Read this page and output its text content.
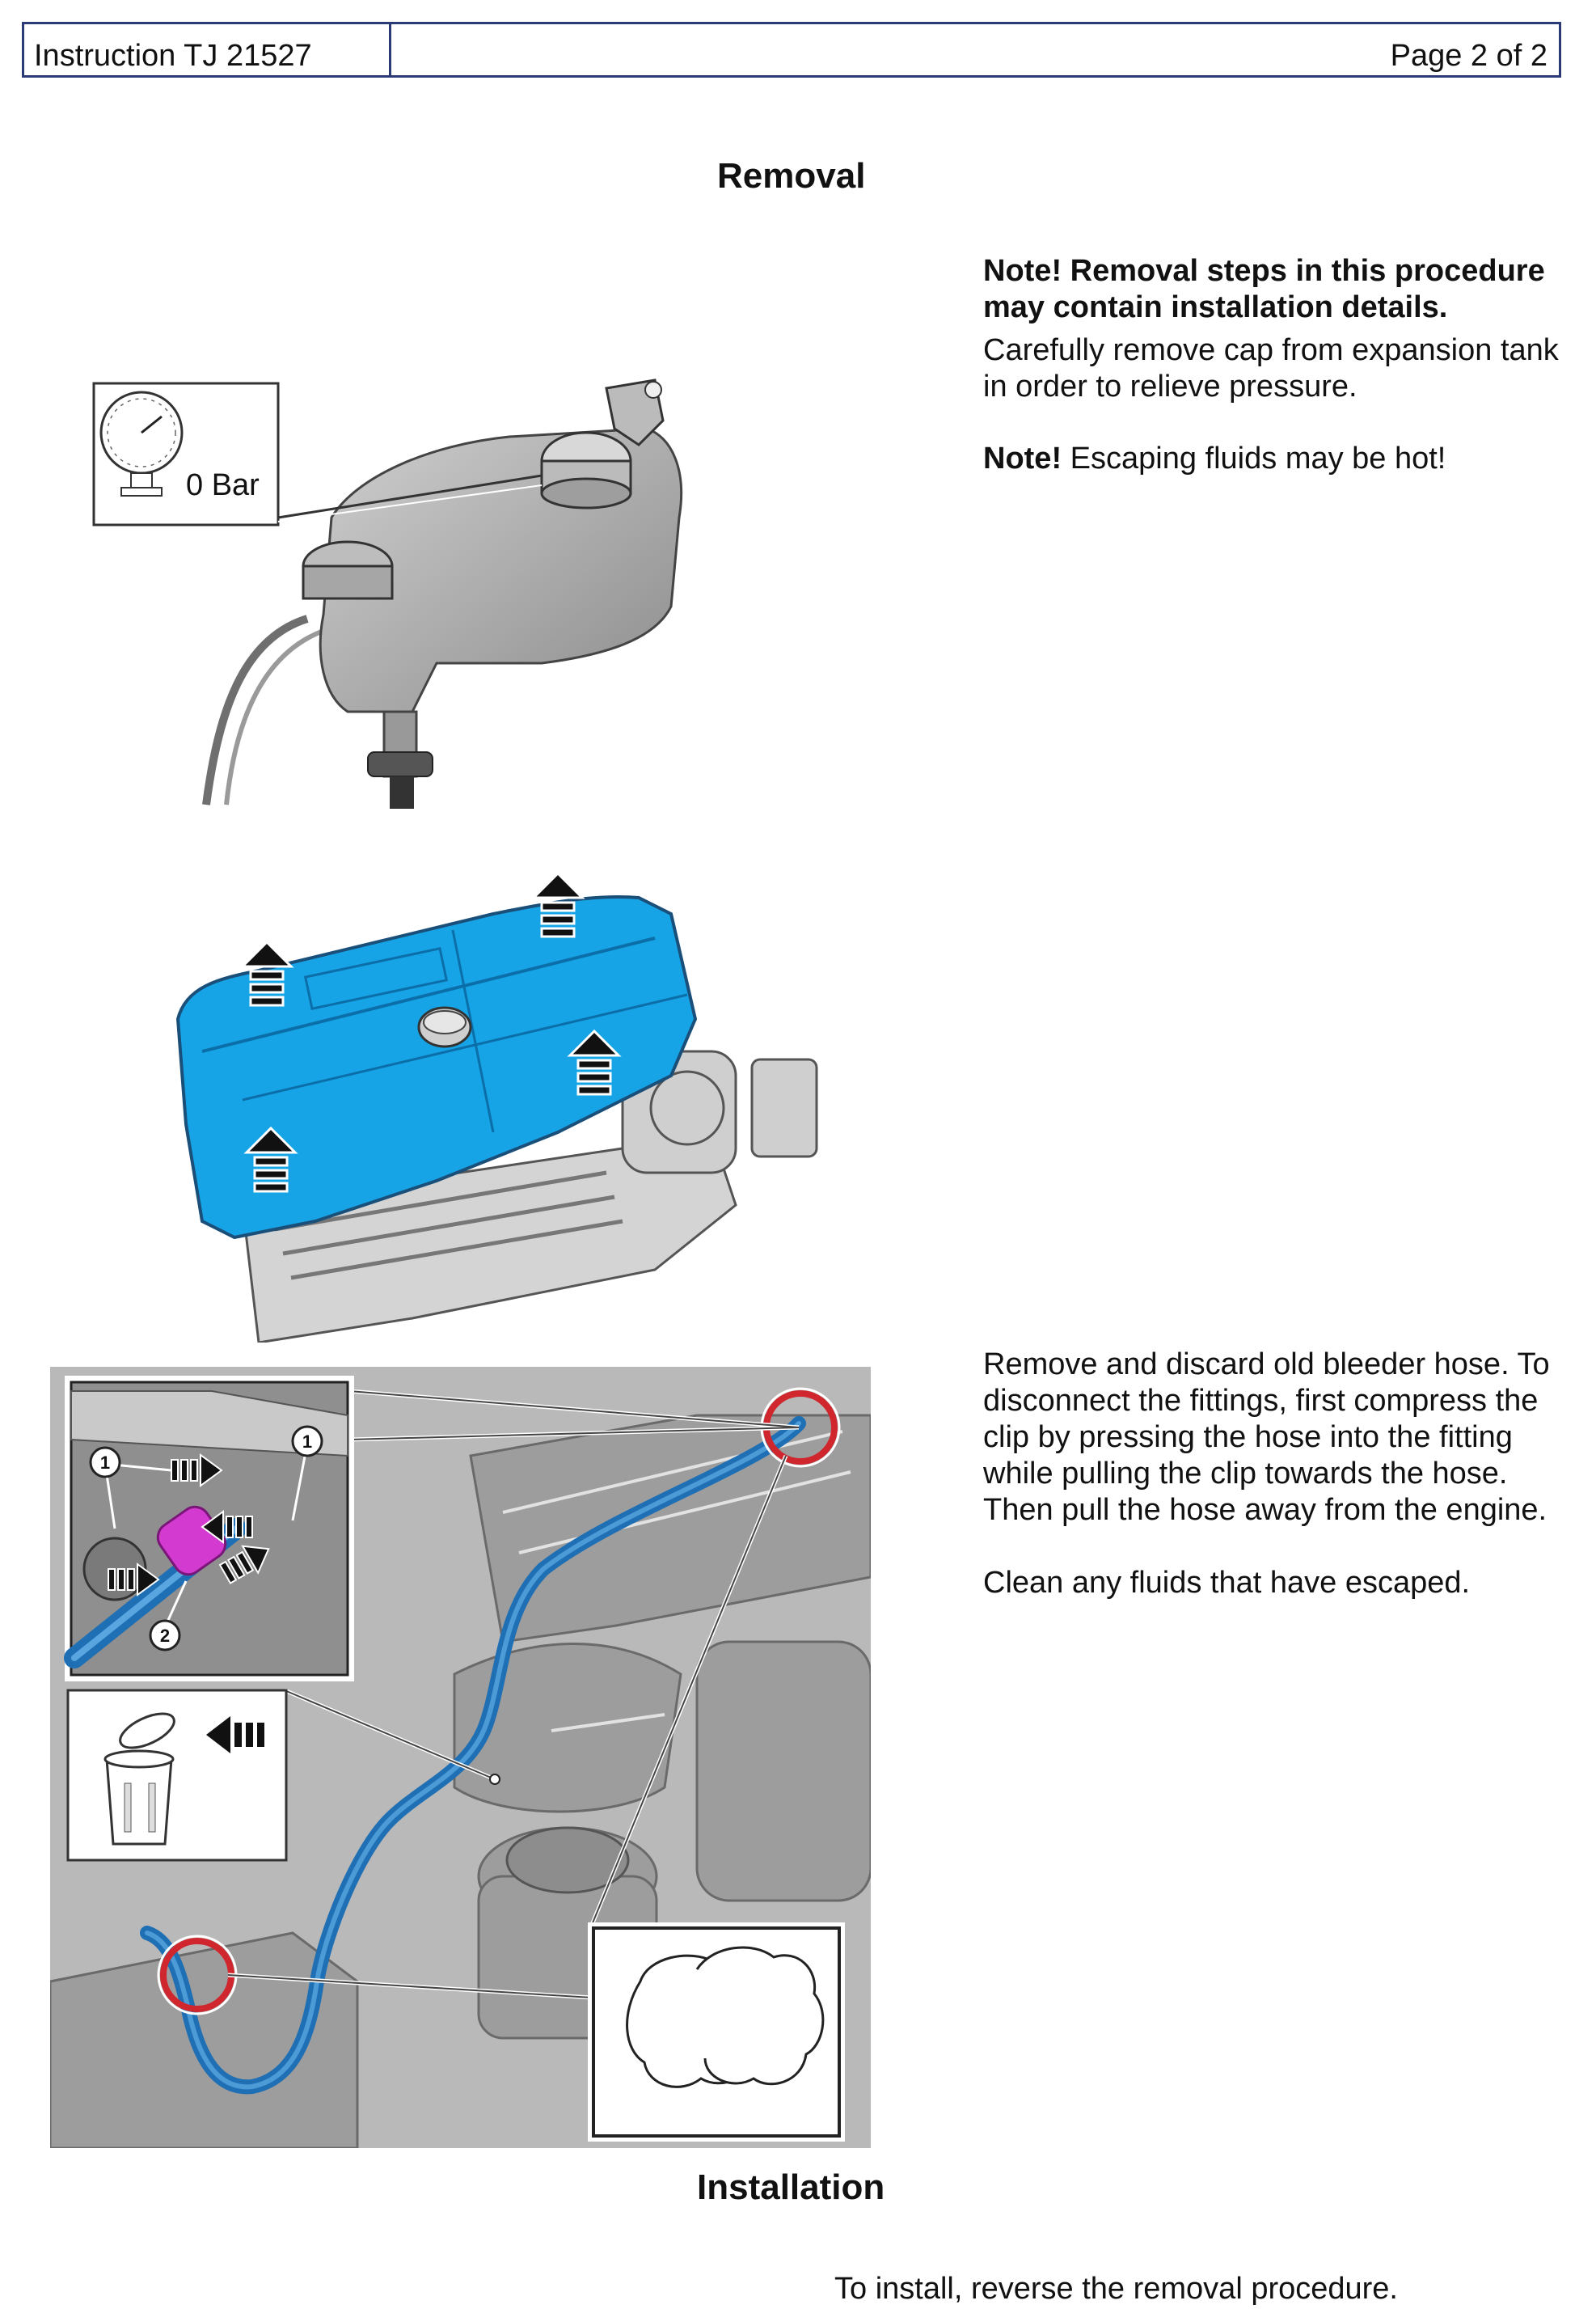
Instruction TJ 21527	Page 2 of 2
Removal

Note! Removal steps in this procedure may contain installation details.

Carefully remove cap from expansion tank in order to relieve pressure.

Note! Escaping fluids may be hot!

0 Bar

Remove and discard old bleeder hose. To disconnect the fittings, first compress the clip by pressing the hose into the fitting while pulling the clip towards the hose. Then pull the hose away from the engine.

Clean any fluids that have escaped.

1
1
2
Installation
To install, reverse the removal procedure.
